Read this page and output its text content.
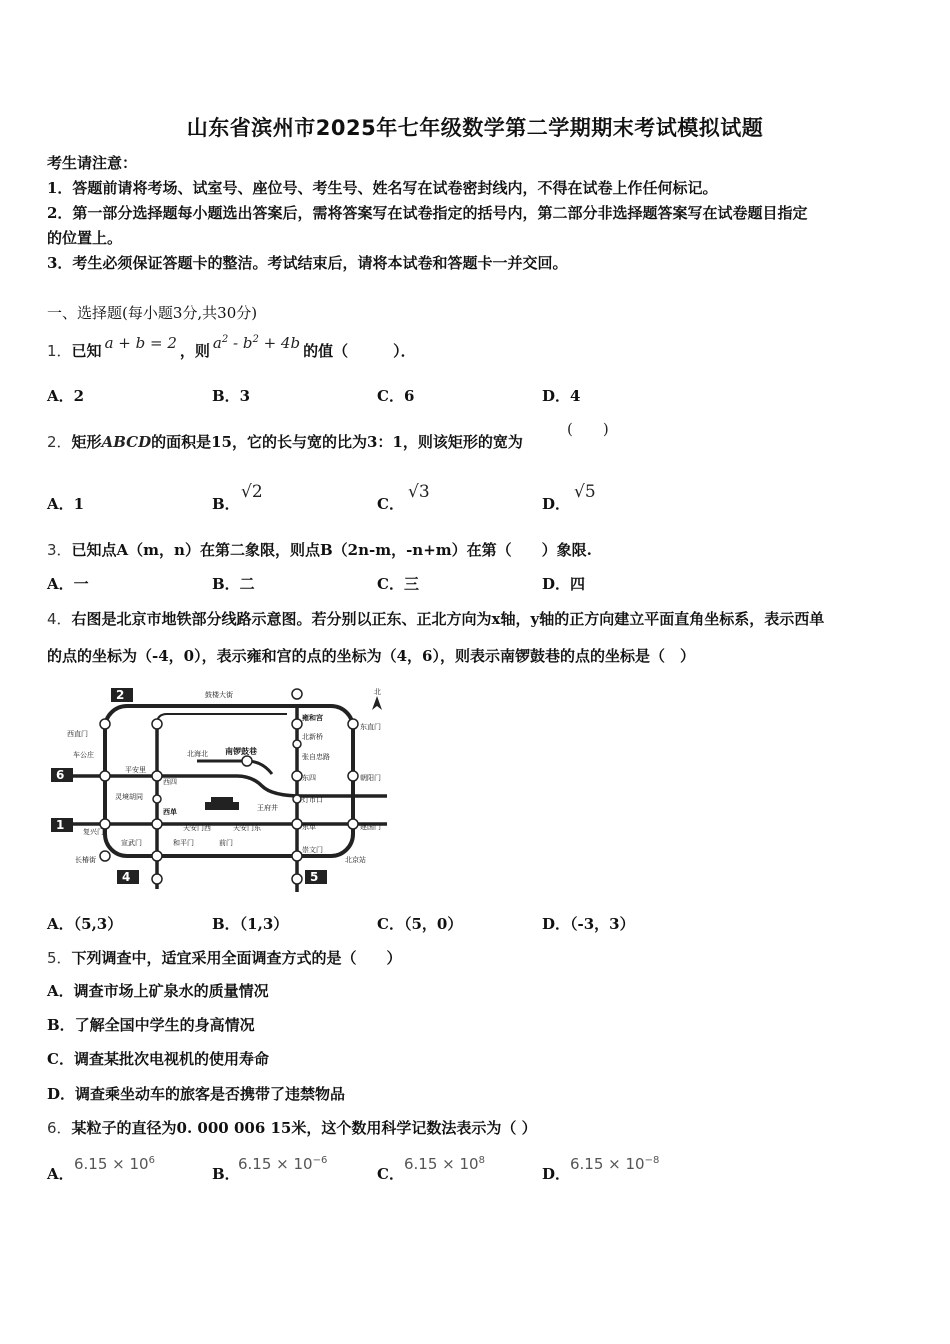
山东省滨州市2025年七年级数学第二学期期末考试模拟试题
考生请注意：
1．答题前请将考场、试室号、座位号、考生号、姓名写在试卷密封线内，不得在试卷上作任何标记。
2．第一部分选择题每小题选出答案后，需将答案写在试卷指定的括号内，第二部分非选择题答案写在试卷题目指定
的位置上。
3．考生必须保证答题卡的整洁。考试结束后，请将本试卷和答题卡一并交回。
一、选择题(每小题3分,共30分)
1．已知 a + b = 2 ，则 $a^2 - b^2 + 4b$ 的值（　　　）．
A．2	B．3	C．6	D．4
2．矩形ABCD的面积是15，它的长与宽的比为3：1，则该矩形的宽为
(　　)
A．1	B．
√2
C．
√3
D．
√5
3．已知点A（m，n）在第二象限，则点B（2n-m，-n+m）在第（　　）象限.
A．一	B．二	C．三	D．四
4．右图是北京市地铁部分线路示意图。若分别以正东、正北方向为x轴，y轴的正方向建立平面直角坐标系，表示西单
的点的坐标为（-4，0），表示雍和宫的点的坐标为（4，6），则表示南锣鼓巷的点的坐标是（　）
2
6
1
4	5
鼓楼大街
雍和宫
北新桥
张自忠路
东四
灯市口
东单
崇文门
北京站
东直门
朝阳门
建国门
西直门
车公庄
平安里
西四
灵境胡同
西单
复兴门
宣武门	和平门	前门
长椿街
北海北 南锣鼓巷
天安门西	天安门东
王府井
北
A．（5,3）	B．（1,3）	C．（5，0）	D．（-3，3）
5．下列调查中，适宜采用全面调查方式的是（　　）
A．调查市场上矿泉水的质量情况
B．了解全国中学生的身高情况
C．调查某批次电视机的使用寿命
D．调查乘坐动车的旅客是否携带了违禁物品
6．某粒子的直径为0. 000 006 15米，这个数用科学记数法表示为（ ）
A．
$6.15 \times 10^6$
B．
$6.15 \times 10^{-6}$
C．
$6.15 \times 10^8$
D．
$6.15 \times 10^{-8}$
